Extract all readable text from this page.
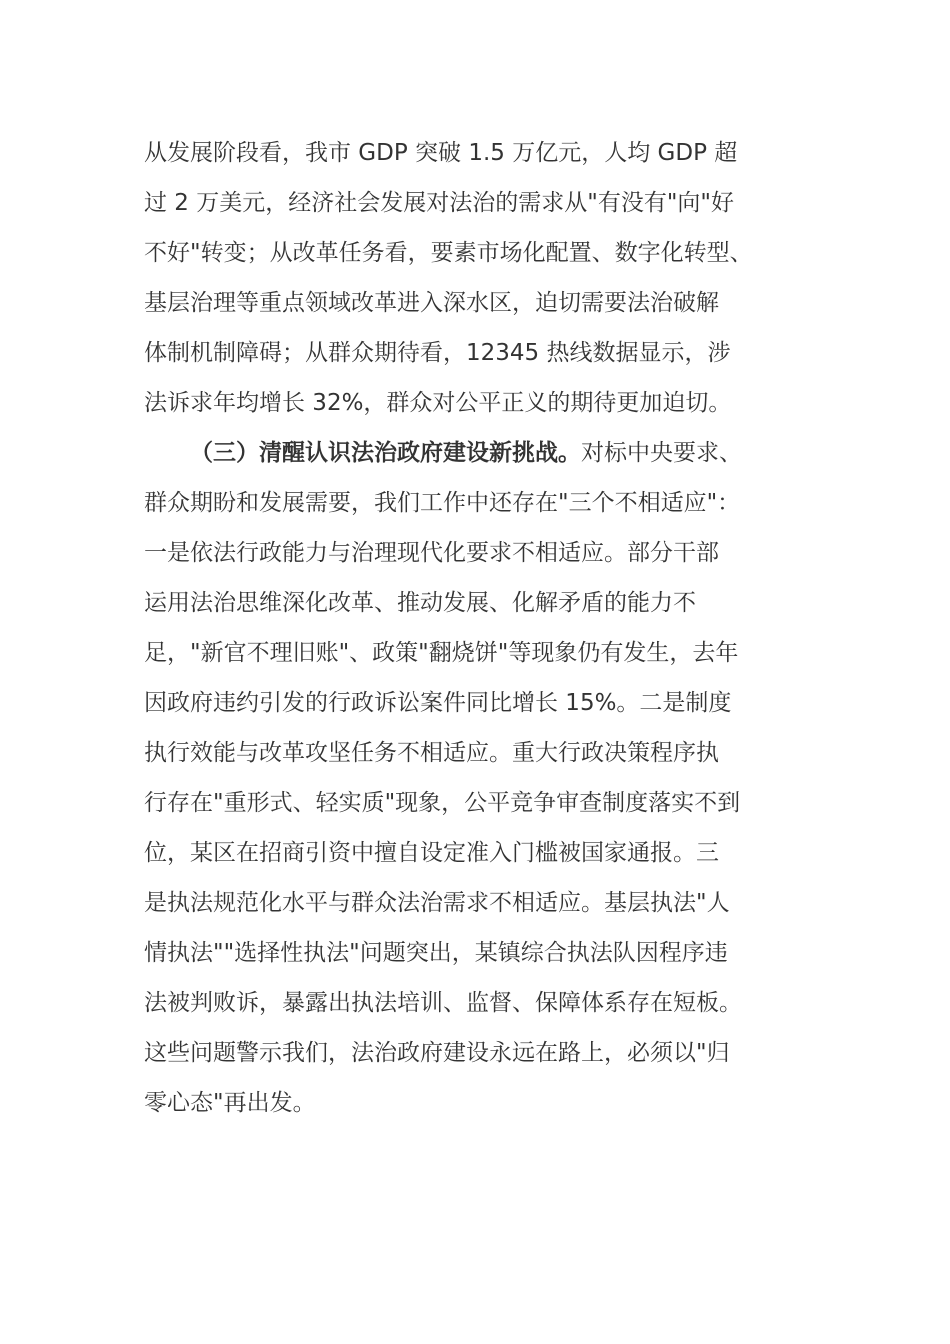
从发展阶段看，我市 GDP 突破 1.5 万亿元，人均 GDP 超
过 2 万美元，经济社会发展对法治的需求从"有没有"向"好
不好"转变；从改革任务看，要素市场化配置、数字化转型、
基层治理等重点领域改革进入深水区，迫切需要法治破解
体制机制障碍；从群众期待看，12345 热线数据显示，涉
法诉求年均增长 32%，群众对公平正义的期待更加迫切。
（三）清醒认识法治政府建设新挑战。对标中央要求、
群众期盼和发展需要，我们工作中还存在"三个不相适应"：
一是依法行政能力与治理现代化要求不相适应。部分干部
运用法治思维深化改革、推动发展、化解矛盾的能力不
足，"新官不理旧账"、政策"翻烧饼"等现象仍有发生，去年
因政府违约引发的行政诉讼案件同比增长 15%。二是制度
执行效能与改革攻坚任务不相适应。重大行政决策程序执
行存在"重形式、轻实质"现象，公平竞争审查制度落实不到
位，某区在招商引资中擅自设定准入门槛被国家通报。三
是执法规范化水平与群众法治需求不相适应。基层执法"人
情执法""选择性执法"问题突出，某镇综合执法队因程序违
法被判败诉，暴露出执法培训、监督、保障体系存在短板。
这些问题警示我们，法治政府建设永远在路上，必须以"归
零心态"再出发。
